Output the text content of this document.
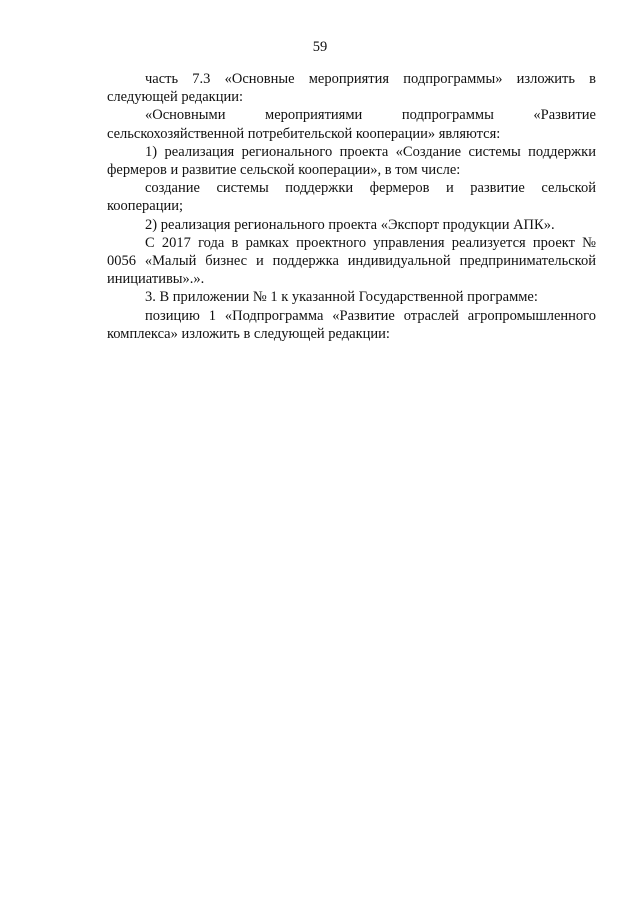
59

часть 7.3 «Основные мероприятия подпрограммы» изложить в следующей редакции:

«Основными мероприятиями подпрограммы «Развитие сельскохозяйственной потребительской кооперации» являются:

1) реализация регионального проекта «Создание системы поддержки фермеров и развитие сельской кооперации», в том числе:

создание системы поддержки фермеров и развитие сельской кооперации;

2) реализация регионального проекта «Экспорт продукции АПК».

С 2017 года в рамках проектного управления реализуется проект № 0056 «Малый бизнес и поддержка индивидуальной предпринимательской инициативы».».

3. В приложении № 1 к указанной Государственной программе:

позицию 1 «Подпрограмма «Развитие отраслей агропромышленного комплекса» изложить в следующей редакции:
